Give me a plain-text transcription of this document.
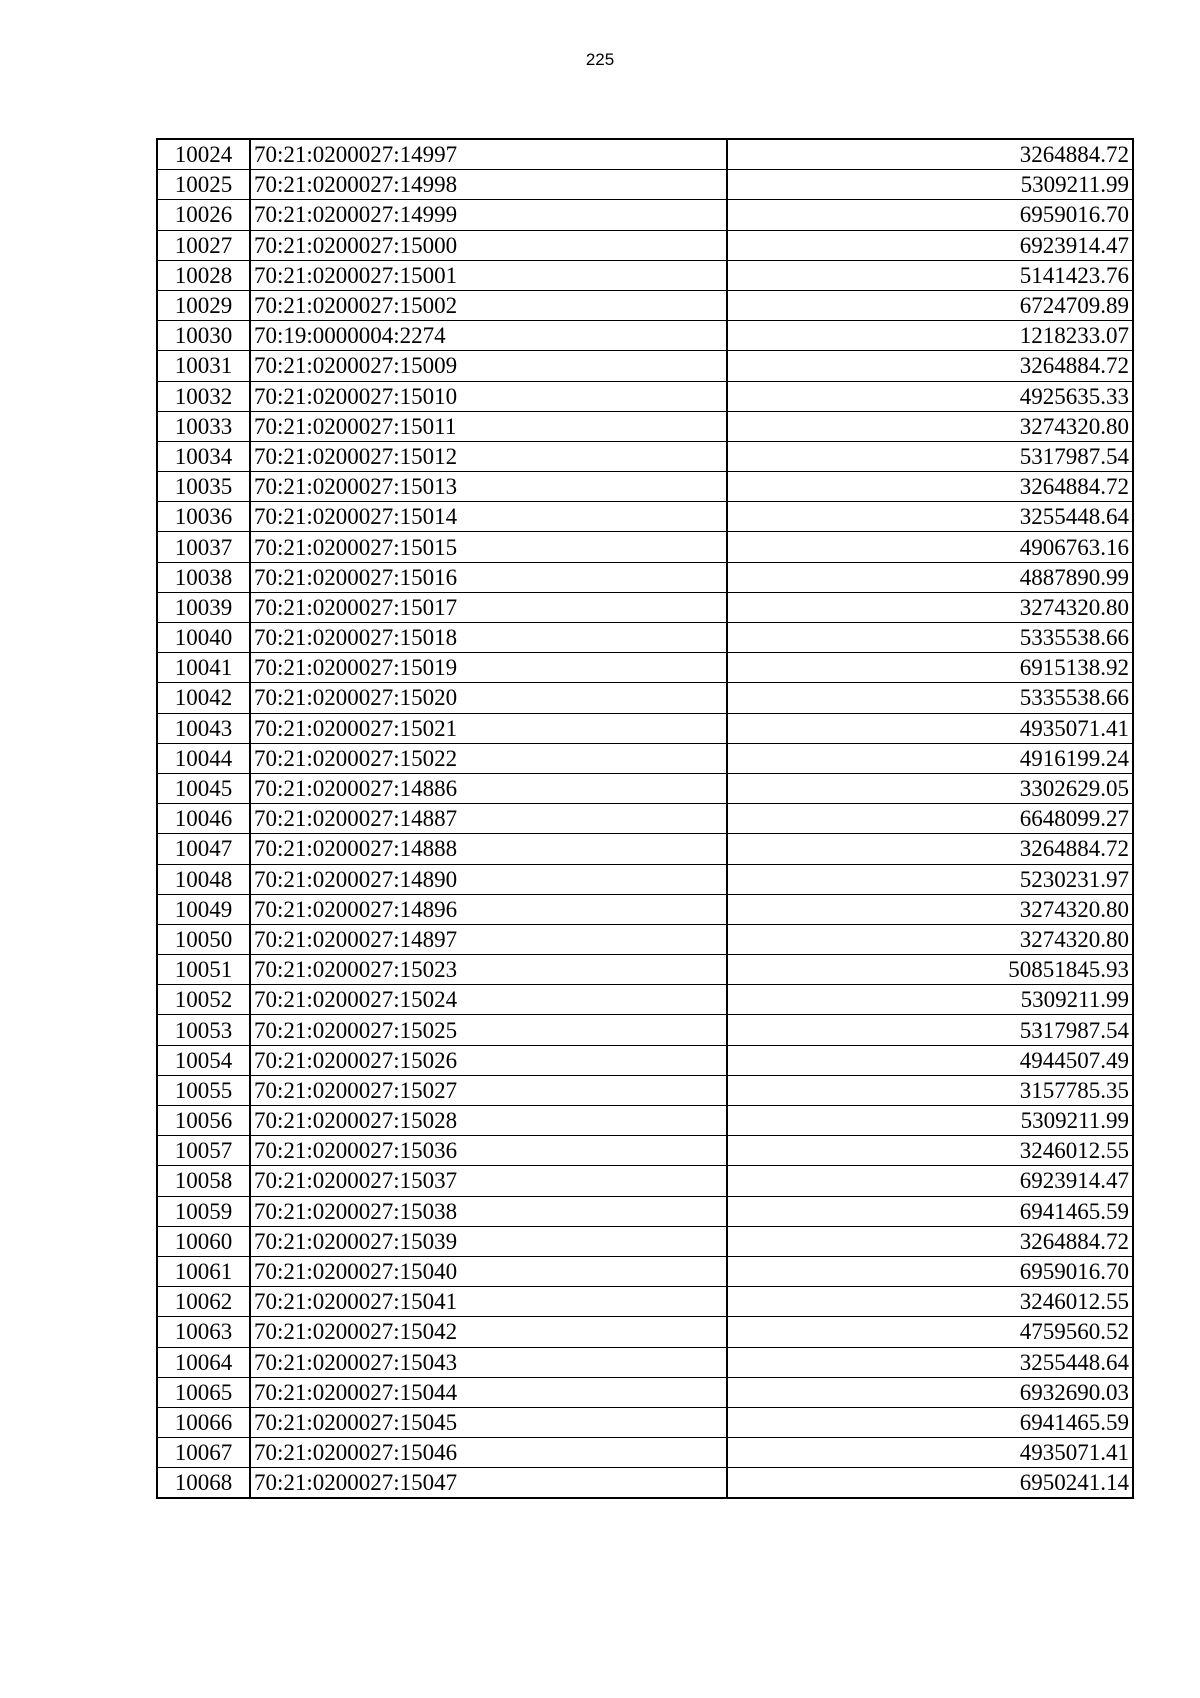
225
10024	70:21:0200027:14997	3264884.72
10025	70:21:0200027:14998	5309211.99
10026	70:21:0200027:14999	6959016.70
10027	70:21:0200027:15000	6923914.47
10028	70:21:0200027:15001	5141423.76
10029	70:21:0200027:15002	6724709.89
10030	70:19:0000004:2274	1218233.07
10031	70:21:0200027:15009	3264884.72
10032	70:21:0200027:15010	4925635.33
10033	70:21:0200027:15011	3274320.80
10034	70:21:0200027:15012	5317987.54
10035	70:21:0200027:15013	3264884.72
10036	70:21:0200027:15014	3255448.64
10037	70:21:0200027:15015	4906763.16
10038	70:21:0200027:15016	4887890.99
10039	70:21:0200027:15017	3274320.80
10040	70:21:0200027:15018	5335538.66
10041	70:21:0200027:15019	6915138.92
10042	70:21:0200027:15020	5335538.66
10043	70:21:0200027:15021	4935071.41
10044	70:21:0200027:15022	4916199.24
10045	70:21:0200027:14886	3302629.05
10046	70:21:0200027:14887	6648099.27
10047	70:21:0200027:14888	3264884.72
10048	70:21:0200027:14890	5230231.97
10049	70:21:0200027:14896	3274320.80
10050	70:21:0200027:14897	3274320.80
10051	70:21:0200027:15023	50851845.93
10052	70:21:0200027:15024	5309211.99
10053	70:21:0200027:15025	5317987.54
10054	70:21:0200027:15026	4944507.49
10055	70:21:0200027:15027	3157785.35
10056	70:21:0200027:15028	5309211.99
10057	70:21:0200027:15036	3246012.55
10058	70:21:0200027:15037	6923914.47
10059	70:21:0200027:15038	6941465.59
10060	70:21:0200027:15039	3264884.72
10061	70:21:0200027:15040	6959016.70
10062	70:21:0200027:15041	3246012.55
10063	70:21:0200027:15042	4759560.52
10064	70:21:0200027:15043	3255448.64
10065	70:21:0200027:15044	6932690.03
10066	70:21:0200027:15045	6941465.59
10067	70:21:0200027:15046	4935071.41
10068	70:21:0200027:15047	6950241.14
